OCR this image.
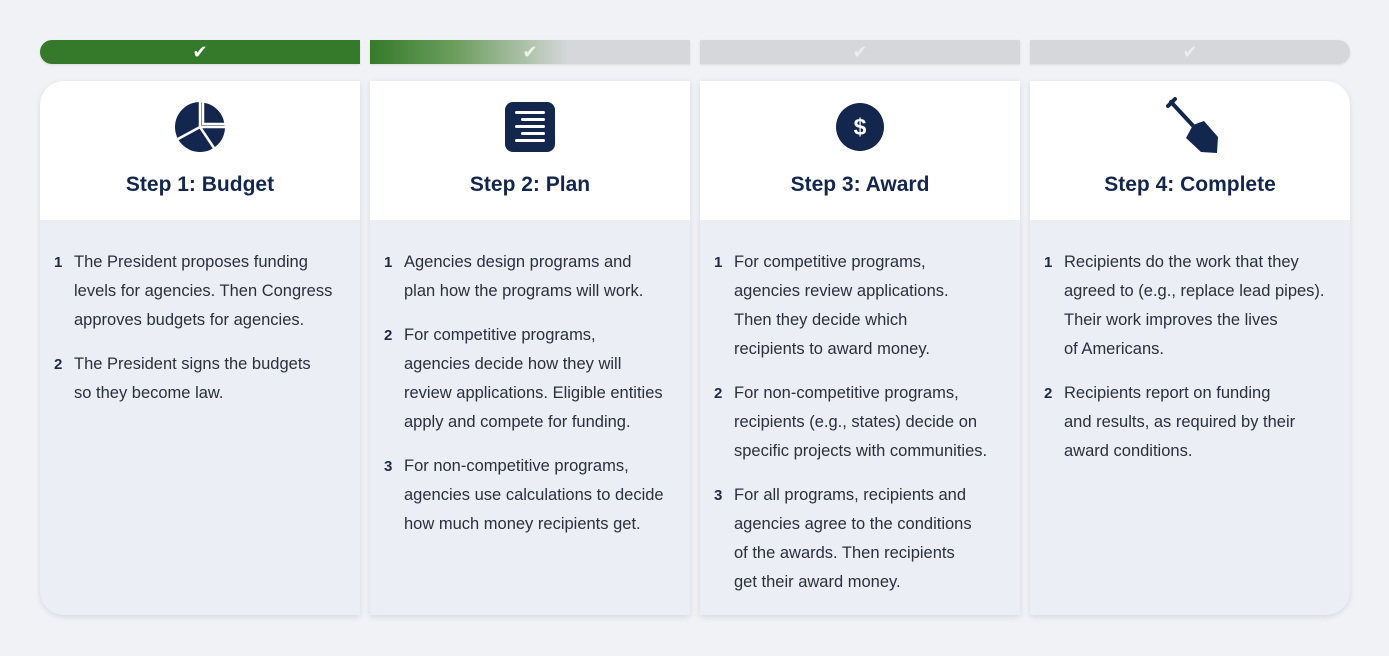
✔	✔	✔	✔
Step 1: Budget
1 The President proposes funding
levels for agencies. Then Congress
approves budgets for agencies.
2 The President signs the budgets
so they become law.
Step 2: Plan
1 Agencies design programs and
plan how the programs will work.
2 For competitive programs,
agencies decide how they will
review applications. Eligible entities
apply and compete for funding.
3 For non-competitive programs,
agencies use calculations to decide
how much money recipients get.
$
Step 3: Award
1 For competitive programs,
agencies review applications.
Then they decide which
recipients to award money.
2 For non-competitive programs,
recipients (e.g., states) decide on
specific projects with communities.
3 For all programs, recipients and
agencies agree to the conditions
of the awards. Then recipients
get their award money.
Step 4: Complete
1 Recipients do the work that they
agreed to (e.g., replace lead pipes).
Their work improves the lives
of Americans.
2 Recipients report on funding
and results, as required by their
award conditions.
